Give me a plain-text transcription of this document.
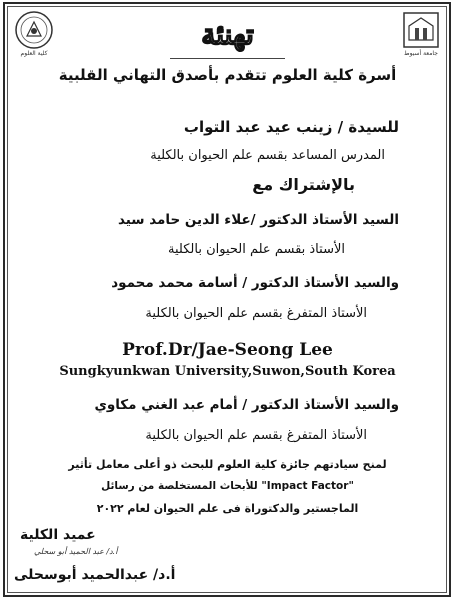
كلية العلوم	جامعة أسيوط
تهنئة
أسرة كلية العلوم تتقدم بأصدق التهاني القلبية
للسيدة / زينب عيد عبد التواب
المدرس المساعد بقسم علم الحيوان بالكلية
بالإشتراك مع
السيد الأستاذ الدكتور /علاء الدين حامد سيد
الأستاذ بقسم علم الحيوان بالكلية
والسيد الأستاذ الدكتور / أسامة محمد محمود
الأستاذ المتفرغ بقسم علم الحيوان بالكلية
Prof.Dr/Jae-Seong Lee
Sungkyunkwan University,Suwon,South Korea
والسيد الأستاذ الدكتور / أمام عبد الغني مكاوي
الأستاذ المتفرغ بقسم علم الحيوان بالكلية
لمنح سيادتهم جائزة كلية العلوم للبحث ذو أعلى معامل تأثير
"Impact Factor" للأبحاث المستخلصة من رسائل
الماجستير والدكتوراة فى علم الحيوان لعام ٢٠٢٢
عميد الكلية
أ.د/ عبد الحميد أبو سحلي
أ.د/ عبدالحميد أبوسحلى
